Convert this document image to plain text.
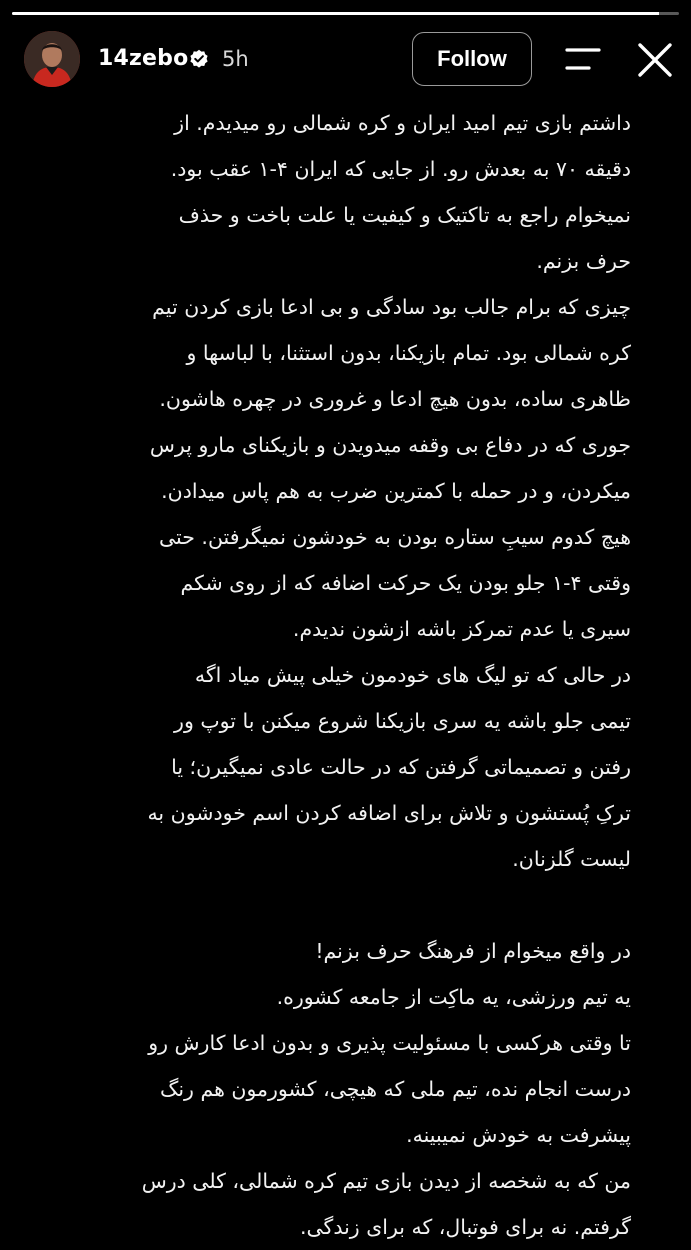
14zebo 5h	Follow
داشتم بازی تیم امید ایران و کره شمالی رو میدیدم. از
دقیقه ۷۰ به بعدش رو. از جایی که ایران ۴-۱ عقب بود.
نمیخوام راجع به تاکتیک و کیفیت یا علت باخت و حذف
حرف بزنم.
چیزی که برام جالب بود سادگی و بی ادعا بازی کردن تیم
کره شمالی بود. تمام بازیکنا، بدون استثنا، با لباسها و
ظاهری ساده، بدون هیچ ادعا و غروری در چهره هاشون.
جوری که در دفاع بی وقفه میدویدن و بازیکنای مارو پرس
میکردن، و در حمله با کمترین ضرب به هم پاس میدادن.
هیچ کدوم سیبِ ستاره بودن به خودشون نمیگرفتن. حتی
وقتی ۴-۱ جلو بودن یک حرکت اضافه که از روی شکم
سیری یا عدم تمرکز باشه ازشون ندیدم.
در حالی که تو لیگ های خودمون خیلی پیش میاد اگه
تیمی جلو باشه یه سری بازیکنا شروع میکنن با توپ ور
رفتن و تصمیماتی گرفتن که در حالت عادی نمیگیرن؛ یا
ترکِ پُستشون و تلاش برای اضافه کردن اسم خودشون به
لیست گلزنان.
در واقع میخوام از فرهنگ حرف بزنم!
یه تیم ورزشی، یه ماکِت از جامعه کشوره.
تا وقتی هرکسی با مسئولیت پذیری و بدون ادعا کارش رو
درست انجام نده، تیم ملی که هیچی، کشورمون هم رنگ
پیشرفت به خودش نمیبینه.
من که به شخصه از دیدن بازی تیم کره شمالی، کلی درس
گرفتم. نه برای فوتبال، که برای زندگی.
